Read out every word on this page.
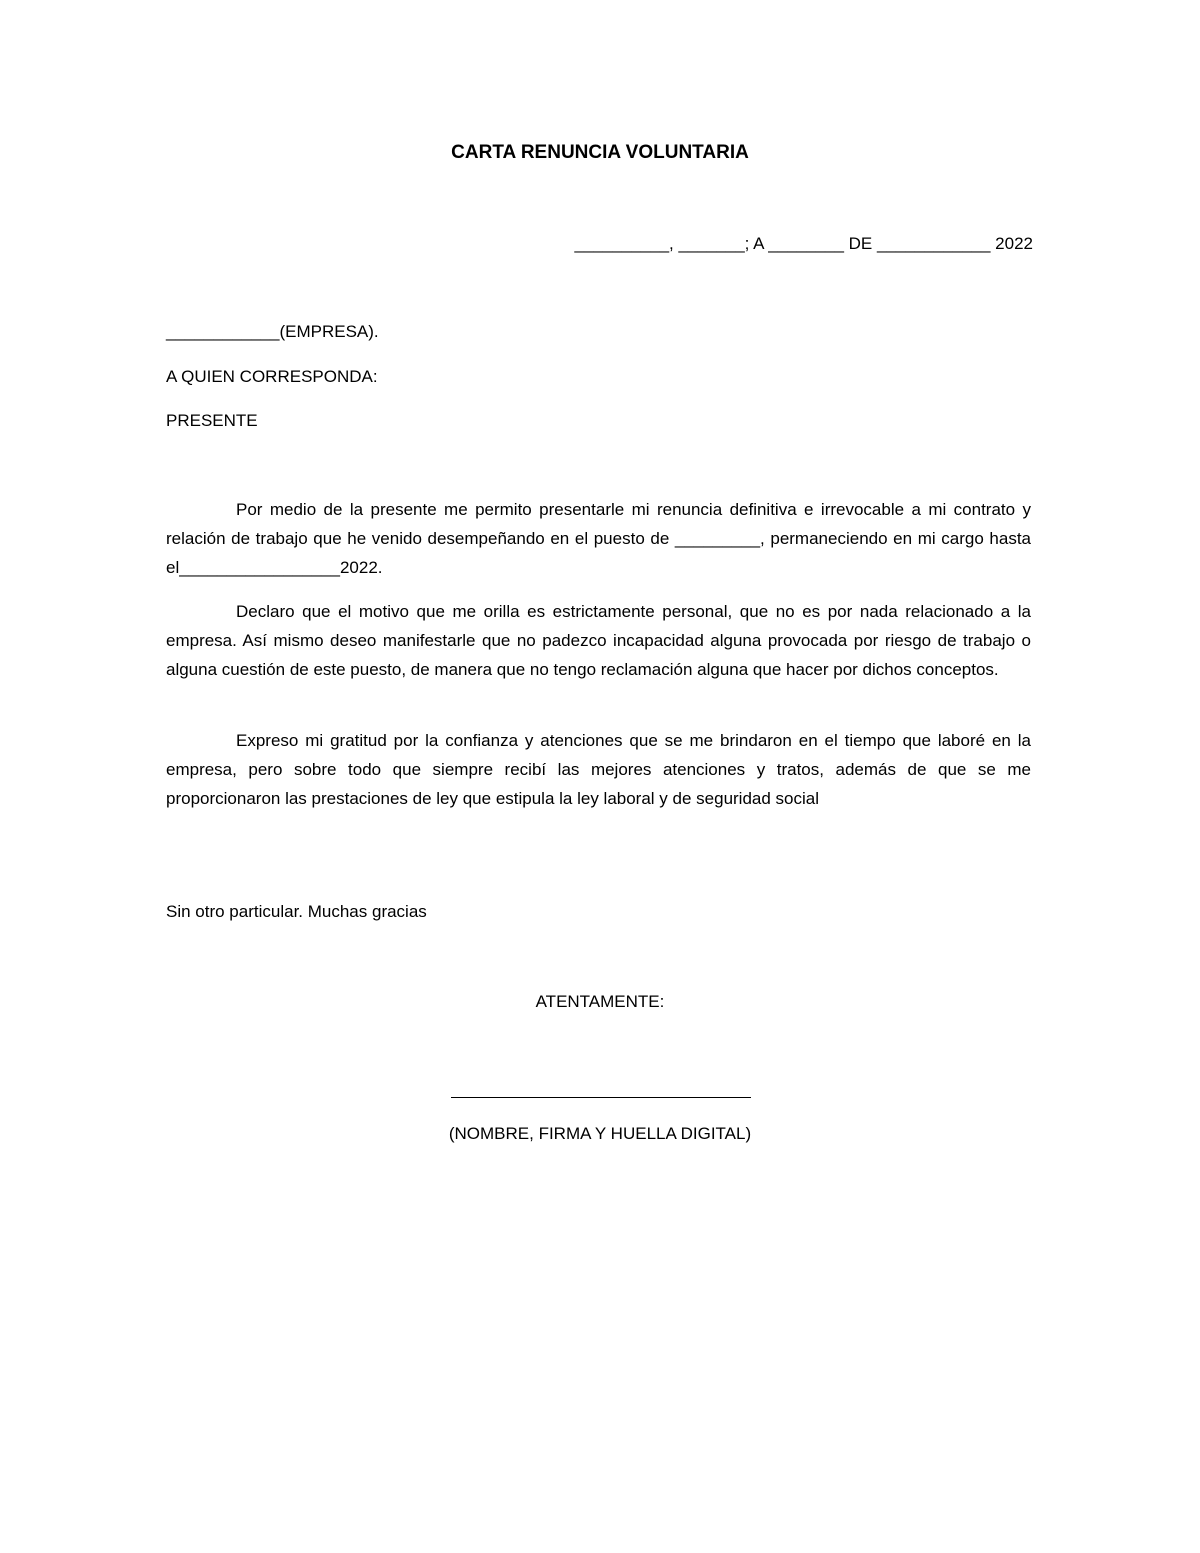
CARTA RENUNCIA VOLUNTARIA
__________, _______; A ________ DE ____________ 2022
____________(EMPRESA).
A QUIEN CORRESPONDA:
PRESENTE
Por medio de la presente me permito presentarle mi renuncia definitiva e irrevocable a mi contrato y relación de trabajo que he venido desempeñando en el puesto de _________, permaneciendo en mi cargo hasta el_________________2022.
Declaro que el motivo que me orilla es estrictamente personal, que no es por nada relacionado a la empresa. Así mismo deseo manifestarle que no padezco incapacidad alguna provocada por riesgo de trabajo o alguna cuestión de este puesto, de manera que no tengo reclamación alguna que hacer por dichos conceptos.
Expreso mi gratitud por la confianza y atenciones que se me brindaron en el tiempo que laboré en la empresa, pero sobre todo que siempre recibí las mejores atenciones y tratos, además de que se me proporcionaron las prestaciones de ley que estipula la ley laboral y de seguridad social
Sin otro particular. Muchas gracias
ATENTAMENTE:
(NOMBRE, FIRMA Y HUELLA DIGITAL)
